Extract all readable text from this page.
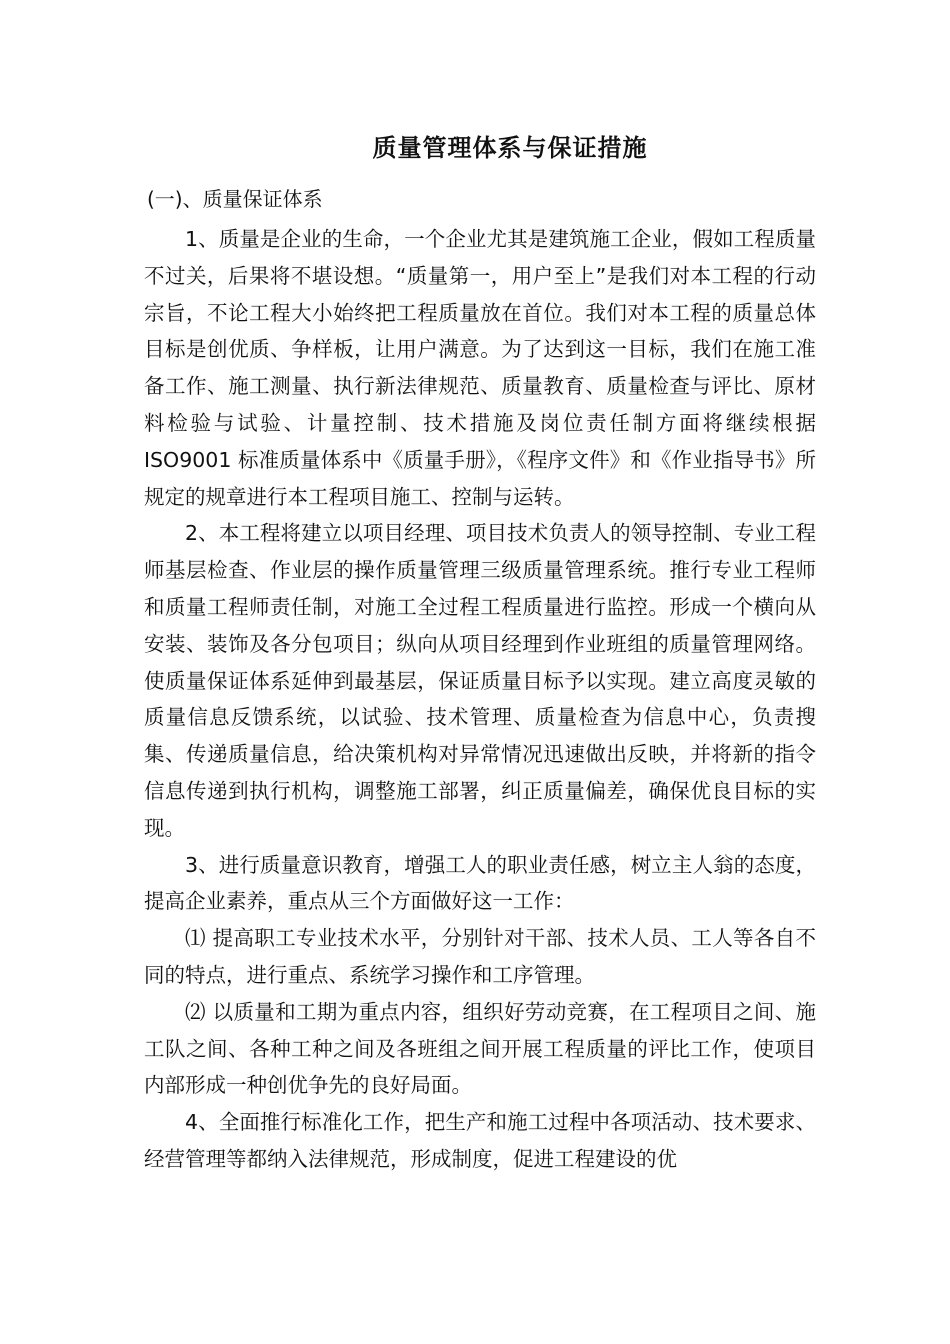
质量管理体系与保证措施
(一)、质量保证体系

1、质量是企业的生命，一个企业尤其是建筑施工企业，假如工程质量不过关，后果将不堪设想。“质量第一，用户至上”是我们对本工程的行动宗旨，不论工程大小始终把工程质量放在首位。我们对本工程的质量总体目标是创优质、争样板，让用户满意。为了达到这一目标，我们在施工准备工作、施工测量、执行新法律规范、质量教育、质量检查与评比、原材料检验与试验、计量控制、技术措施及岗位责任制方面将继续根据 ISO9001 标准质量体系中《质量手册》，《程序文件》和《作业指导书》所规定的规章进行本工程项目施工、控制与运转。

2、本工程将建立以项目经理、项目技术负责人的领导控制、专业工程师基层检查、作业层的操作质量管理三级质量管理系统。推行专业工程师和质量工程师责任制，对施工全过程工程质量进行监控。形成一个横向从安装、装饰及各分包项目；纵向从项目经理到作业班组的质量管理网络。使质量保证体系延伸到最基层，保证质量目标予以实现。建立高度灵敏的质量信息反馈系统，以试验、技术管理、质量检查为信息中心，负责搜集、传递质量信息，给决策机构对异常情况迅速做出反映，并将新的指令信息传递到执行机构，调整施工部署，纠正质量偏差，确保优良目标的实现。

3、进行质量意识教育，增强工人的职业责任感，树立主人翁的态度，提高企业素养，重点从三个方面做好这一工作：

⑴ 提高职工专业技术水平，分别针对干部、技术人员、工人等各自不同的特点，进行重点、系统学习操作和工序管理。

⑵ 以质量和工期为重点内容，组织好劳动竞赛，在工程项目之间、施工队之间、各种工种之间及各班组之间开展工程质量的评比工作，使项目内部形成一种创优争先的良好局面。

4、全面推行标准化工作，把生产和施工过程中各项活动、技术要求、经营管理等都纳入法律规范，形成制度，促进工程建设的优
